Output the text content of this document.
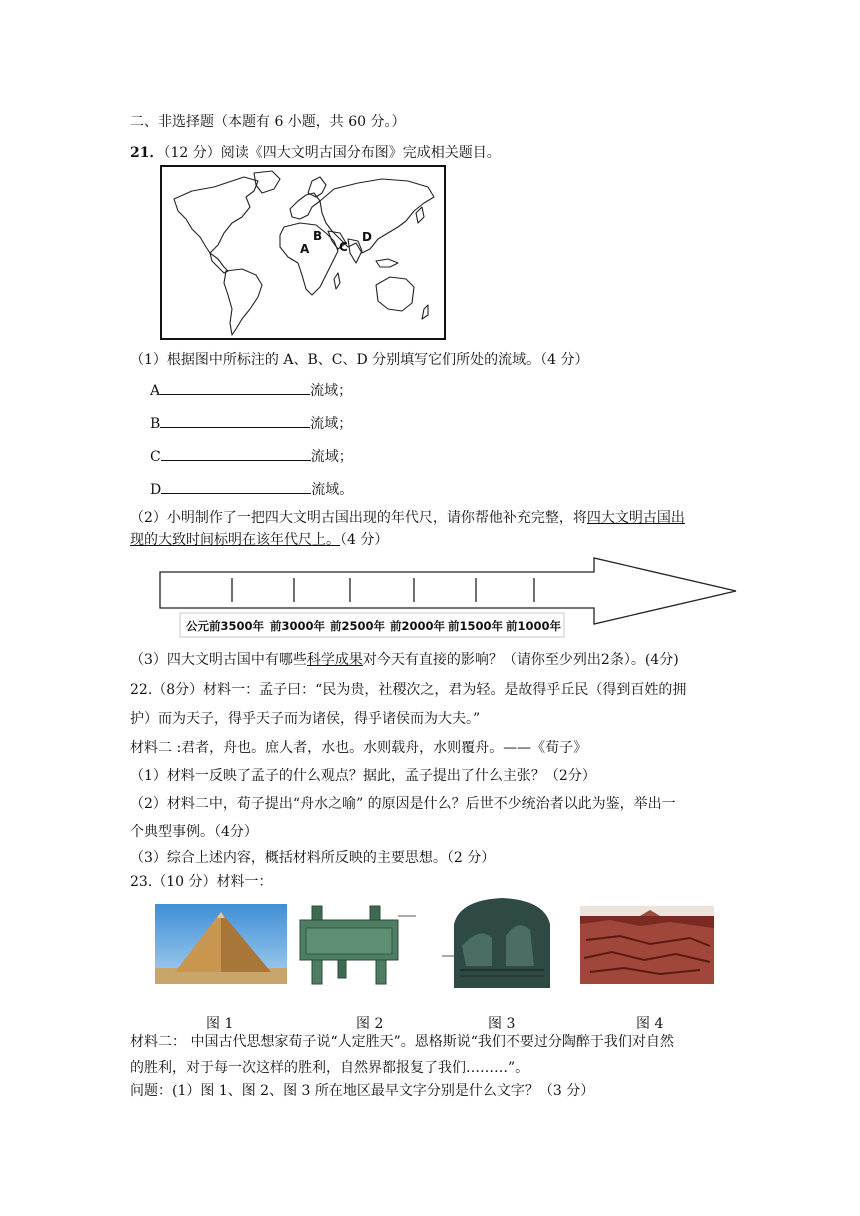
二、非选择题（本题有 6 小题，共 60 分。）
21．（12 分）阅读《四大文明古国分布图》完成相关题目。
A
B
C
D
（1）根据图中所标注的 A、B、C、D 分别填写它们所处的流域。（4 分）
A	流域；
B	流域；
C	流域；
D	流域。
（2）小明制作了一把四大文明古国出现的年代尺，请你帮他补充完整，将四大文明古国出
现的大致时间标明在该年代尺上。（4 分）
公元前3500年 前3000年 前2500年 前2000年 前1500年 前1000年
（3）四大文明古国中有哪些科学成果对今天有直接的影响？（请你至少列出2条）。(4分)
22.（8分）材料一：孟子曰：“民为贵，社稷次之，君为轻。是故得乎丘民（得到百姓的拥
护）而为天子，得乎天子而为诸侯，得乎诸侯而为大夫。”
材料二 :君者，舟也。庶人者，水也。水则载舟，水则覆舟。——《荀子》
（1）材料一反映了孟子的什么观点？据此，孟子提出了什么主张？（2分）
（2）材料二中，荀子提出“舟水之喻” 的原因是什么？后世不少统治者以此为鉴，举出一
个典型事例。（4分）
（3）综合上述内容，概括材料所反映的主要思想。（2 分）
23.（10 分）材料一：
图 1	图 2	图 3	图 4
材料二： 中国古代思想家荀子说“人定胜天”。恩格斯说“我们不要过分陶醉于我们对自然
的胜利，对于每一次这样的胜利，自然界都报复了我们………”。
问题：(1）图 1、图 2、图 3 所在地区最早文字分别是什么文字？（3 分）
